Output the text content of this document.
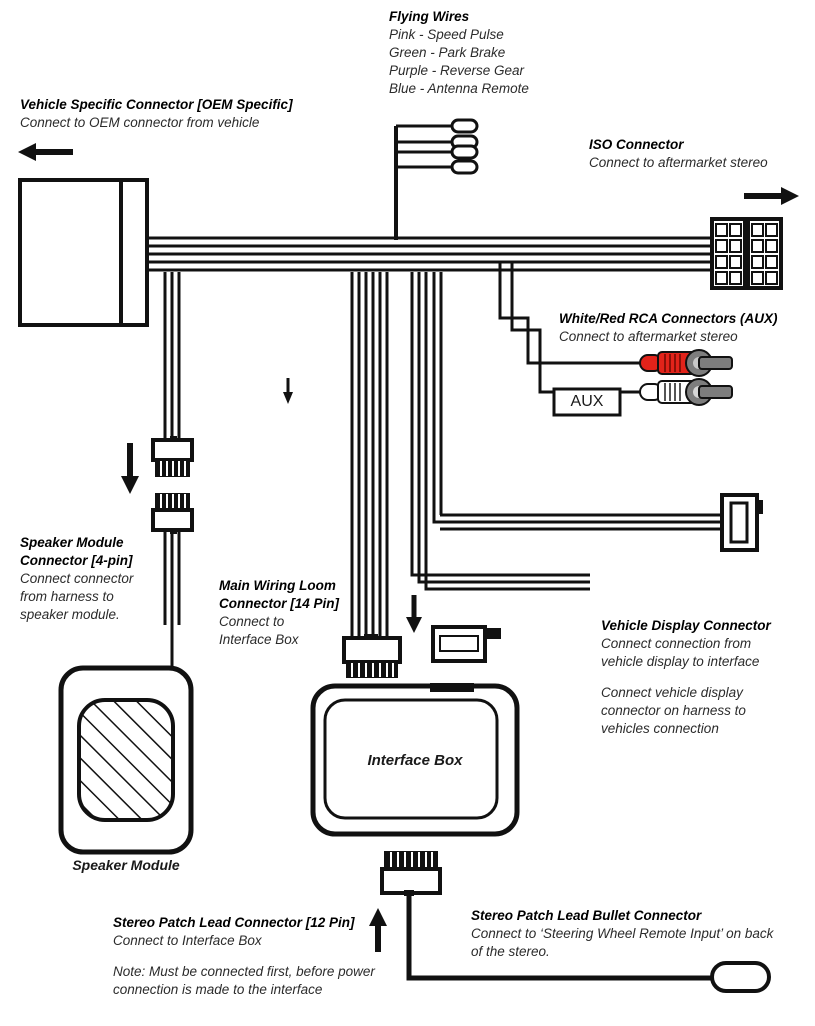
Flying Wires
Pink - Speed Pulse
Green - Park Brake
Purple - Reverse Gear
Blue - Antenna Remote
Vehicle Specific Connector [OEM Specific]
Connect to OEM connector from vehicle
ISO Connector
Connect to aftermarket stereo
White/Red RCA Connectors (AUX)
Connect to aftermarket stereo
AUX
Speaker Module
Connector [4-pin]
Connect connector
from harness to
speaker module.
Main Wiring Loom
Connector [14 Pin]
Connect to
Interface Box
Vehicle Display Connector
Connect connection from
vehicle display to interface
Connect vehicle display
connector on harness to
vehicles connection
Interface Box
Speaker Module
Stereo Patch Lead Connector [12 Pin]
Connect to Interface Box
Note: Must be connected first, before power
connection is made to the interface
Stereo Patch Lead Bullet Connector
Connect to ‘Steering Wheel Remote Input’ on back
of the stereo.
